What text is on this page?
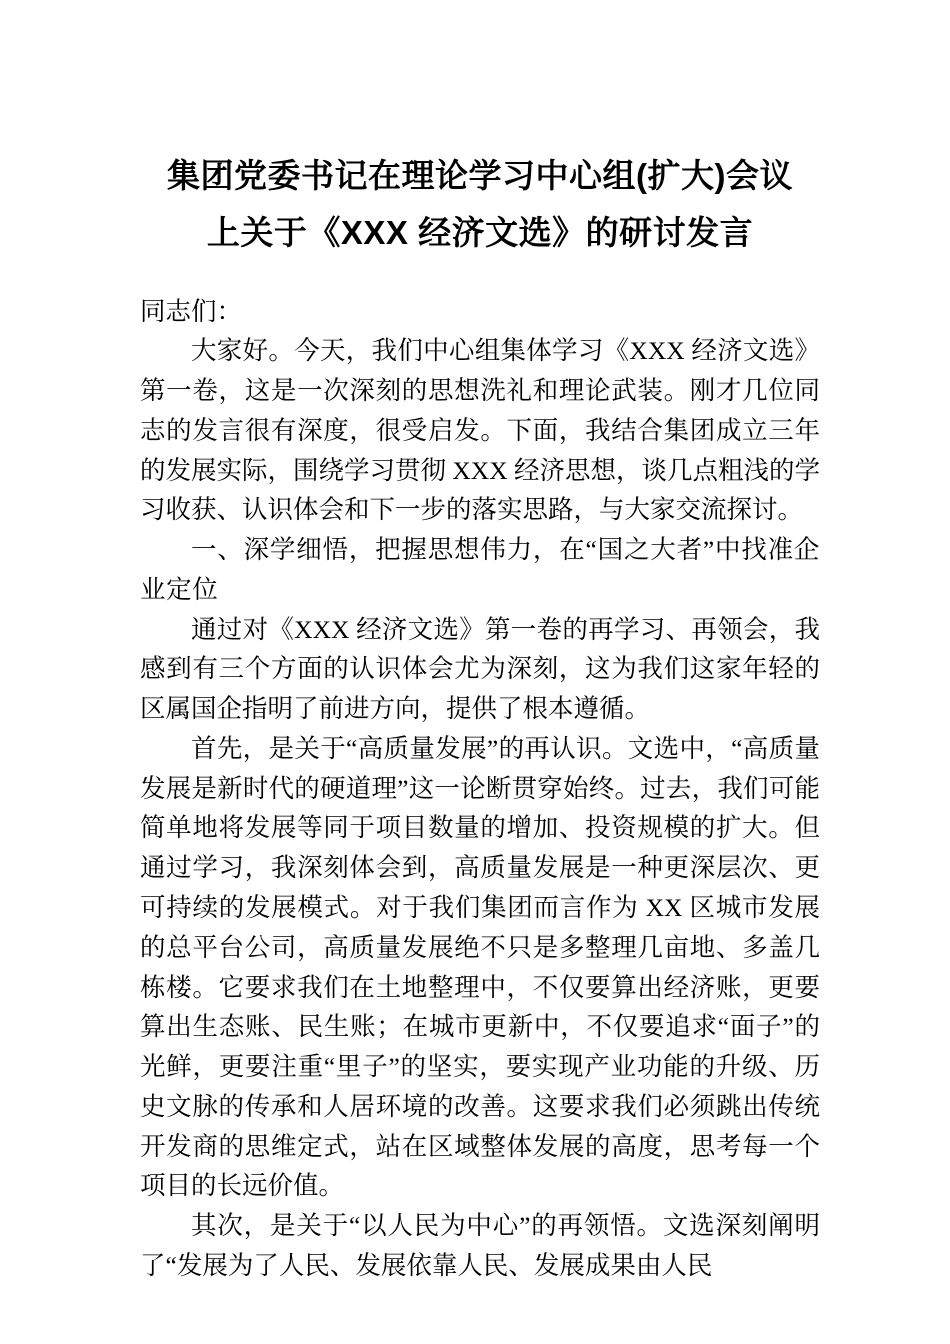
集团党委书记在理论学习中心组(扩大)会议
上关于《XXX 经济文选》的研讨发言

同志们：

大家好。今天，我们中心组集体学习《XXX 经济文选》第一卷，这是一次深刻的思想洗礼和理论武装。刚才几位同志的发言很有深度，很受启发。下面，我结合集团成立三年的发展实际，围绕学习贯彻 XXX 经济思想，谈几点粗浅的学习收获、认识体会和下一步的落实思路，与大家交流探讨。

一、深学细悟，把握思想伟力，在“国之大者”中找准企业定位

通过对《XXX 经济文选》第一卷的再学习、再领会，我感到有三个方面的认识体会尤为深刻，这为我们这家年轻的区属国企指明了前进方向，提供了根本遵循。

首先，是关于“高质量发展”的再认识。文选中，“高质量发展是新时代的硬道理”这一论断贯穿始终。过去，我们可能简单地将发展等同于项目数量的增加、投资规模的扩大。但通过学习，我深刻体会到，高质量发展是一种更深层次、更可持续的发展模式。对于我们集团而言作为 XX 区城市发展的总平台公司，高质量发展绝不只是多整理几亩地、多盖几栋楼。它要求我们在土地整理中，不仅要算出经济账，更要算出生态账、民生账；在城市更新中，不仅要追求“面子”的光鲜，更要注重“里子”的坚实，要实现产业功能的升级、历史文脉的传承和人居环境的改善。这要求我们必须跳出传统开发商的思维定式，站在区域整体发展的高度，思考每一个项目的长远价值。

其次，是关于“以人民为中心”的再领悟。文选深刻阐明了“发展为了人民、发展依靠人民、发展成果由人民
